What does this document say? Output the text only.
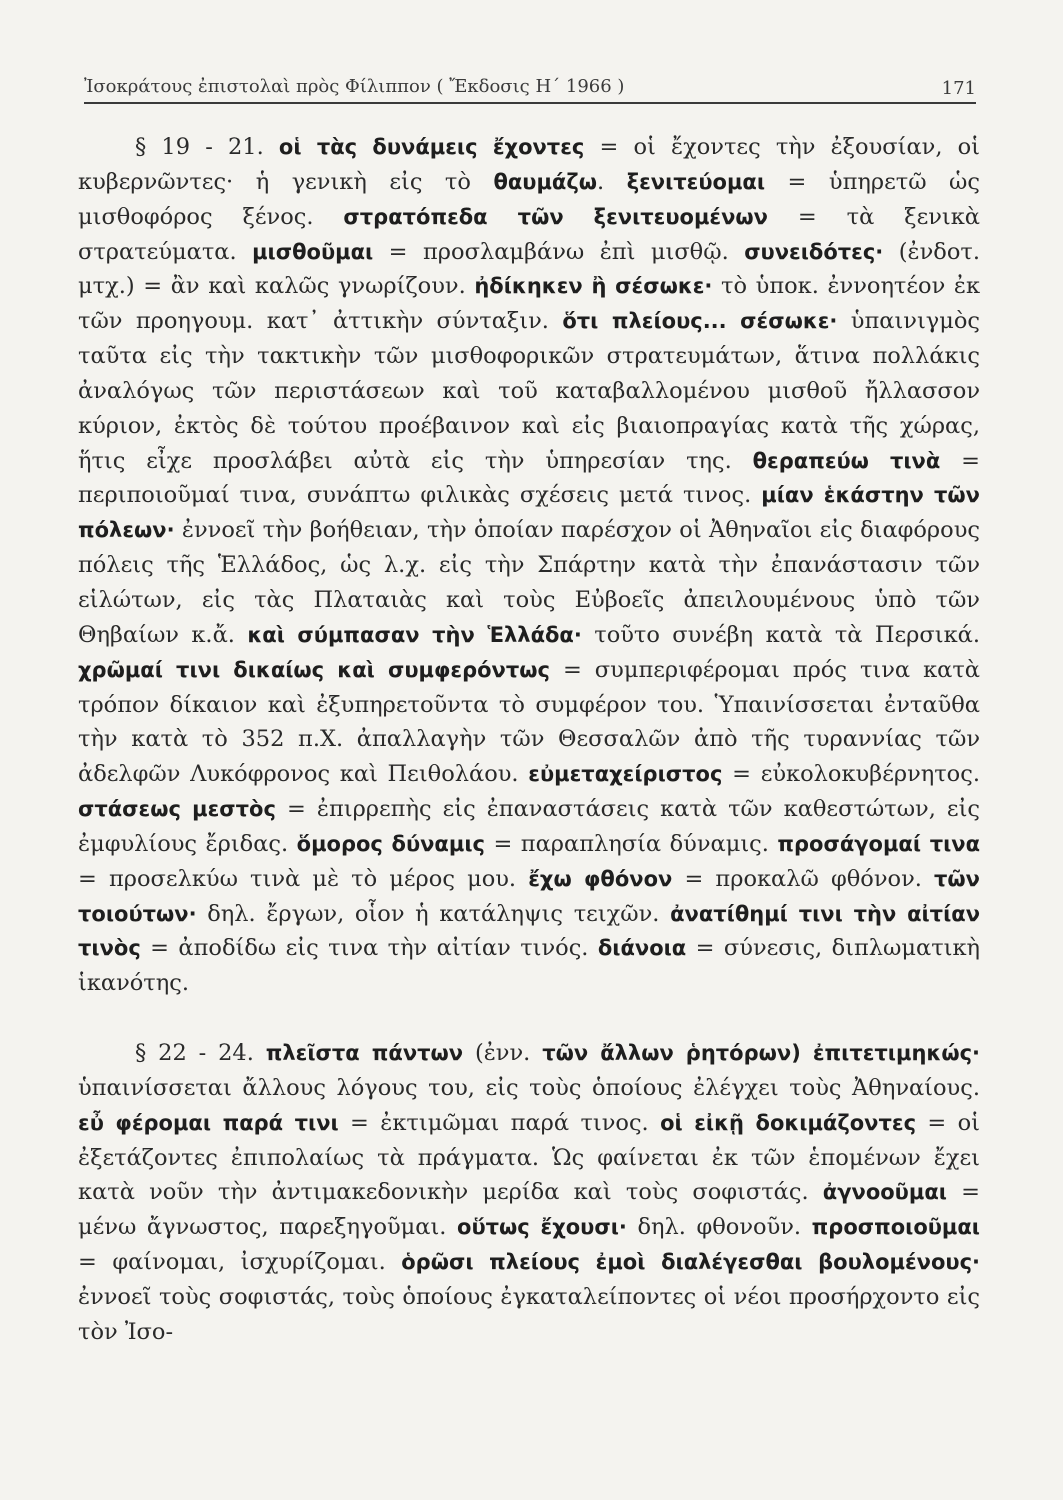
Ἰσοκράτους ἐπιστολαὶ πρὸς Φίλιππον ( Ἔκδοσις Η΄ 1966 )	171

§ 19 - 21. οἱ τὰς δυνάμεις ἔχοντες = οἱ ἔχοντες τὴν ἐξουσίαν, οἱ κυβερνῶντες· ἡ γενικὴ εἰς τὸ θαυμάζω. ξενιτεύομαι = ὑπηρετῶ ὡς μισθοφόρος ξένος. στρατόπεδα τῶν ξενιτευομένων = τὰ ξενικὰ στρατεύματα. μισθοῦμαι = προσλαμβάνω ἐπὶ μισθῷ. συνειδότες· (ἐνδοτ. μτχ.) = ἂν καὶ καλῶς γνωρίζουν. ἠδίκηκεν ἢ σέσωκε· τὸ ὑποκ. ἐννοητέον ἐκ τῶν προηγουμ. κατ᾽ ἀττικὴν σύνταξιν. ὅτι πλείους... σέσωκε· ὑπαινιγμὸς ταῦτα εἰς τὴν τακτικὴν τῶν μισθοφορικῶν στρατευμάτων, ἅτινα πολλάκις ἀναλόγως τῶν περιστάσεων καὶ τοῦ καταβαλλομένου μισθοῦ ἤλλασσον κύριον, ἐκτὸς δὲ τούτου προέβαινον καὶ εἰς βιαιοπραγίας κατὰ τῆς χώρας, ἥτις εἶχε προσλάβει αὐτὰ εἰς τὴν ὑπηρεσίαν της. θεραπεύω τινὰ = περιποιοῦμαί τινα, συνάπτω φιλικὰς σχέσεις μετά τινος. μίαν ἑκάστην τῶν πόλεων· ἐννοεῖ τὴν βοήθειαν, τὴν ὁποίαν παρέσχον οἱ Ἀθηναῖοι εἰς διαφόρους πόλεις τῆς Ἑλλάδος, ὡς λ.χ. εἰς τὴν Σπάρτην κατὰ τὴν ἐπανάστασιν τῶν εἱλώτων, εἰς τὰς Πλαταιὰς καὶ τοὺς Εὐβοεῖς ἀπειλουμένους ὑπὸ τῶν Θηβαίων κ.ἄ. καὶ σύμπασαν τὴν Ἑλλάδα· τοῦτο συνέβη κατὰ τὰ Περσικά. χρῶμαί τινι δικαίως καὶ συμφερόντως = συμπεριφέρομαι πρός τινα κατὰ τρόπον δίκαιον καὶ ἐξυπηρετοῦντα τὸ συμφέρον του. Ὑπαινίσσεται ἐνταῦθα τὴν κατὰ τὸ 352 π.Χ. ἀπαλλαγὴν τῶν Θεσσαλῶν ἀπὸ τῆς τυραννίας τῶν ἀδελφῶν Λυκόφρονος καὶ Πειθολάου. εὐμεταχείριστος = εὐκολοκυβέρνητος. στάσεως μεστὸς = ἐπιρρεπὴς εἰς ἐπαναστάσεις κατὰ τῶν καθεστώτων, εἰς ἐμφυλίους ἔριδας. ὅμορος δύναμις = παραπλησία δύναμις. προσάγομαί τινα = προσελκύω τινὰ μὲ τὸ μέρος μου. ἔχω φθόνον = προκαλῶ φθόνον. τῶν τοιούτων· δηλ. ἔργων, οἷον ἡ κατάληψις τειχῶν. ἀνατίθημί τινι τὴν αἰτίαν τινὸς = ἀποδίδω εἰς τινα τὴν αἰτίαν τινός. διάνοια = σύνεσις, διπλωματικὴ ἱκανότης.

§ 22 - 24. πλεῖστα πάντων (ἐνν. τῶν ἄλλων ῥητόρων) ἐπιτετιμηκώς· ὑπαινίσσεται ἄλλους λόγους του, εἰς τοὺς ὁποίους ἐλέγχει τοὺς Ἀθηναίους. εὖ φέρομαι παρά τινι = ἐκτιμῶμαι παρά τινος. οἱ εἰκῇ δοκιμάζοντες = οἱ ἐξετάζοντες ἐπιπολαίως τὰ πράγματα. Ὡς φαίνεται ἐκ τῶν ἑπομένων ἔχει κατὰ νοῦν τὴν ἀντιμακεδονικὴν μερίδα καὶ τοὺς σοφιστάς. ἀγνοοῦμαι = μένω ἄγνωστος, παρεξηγοῦμαι. οὕτως ἔχουσι· δηλ. φθονοῦν. προσποιοῦμαι = φαίνομαι, ἰσχυρίζομαι. ὁρῶσι πλείους ἐμοὶ διαλέγεσθαι βουλομένους· ἐννοεῖ τοὺς σοφιστάς, τοὺς ὁποίους ἐγκαταλείποντες οἱ νέοι προσήρχοντο εἰς τὸν Ἰσο-
